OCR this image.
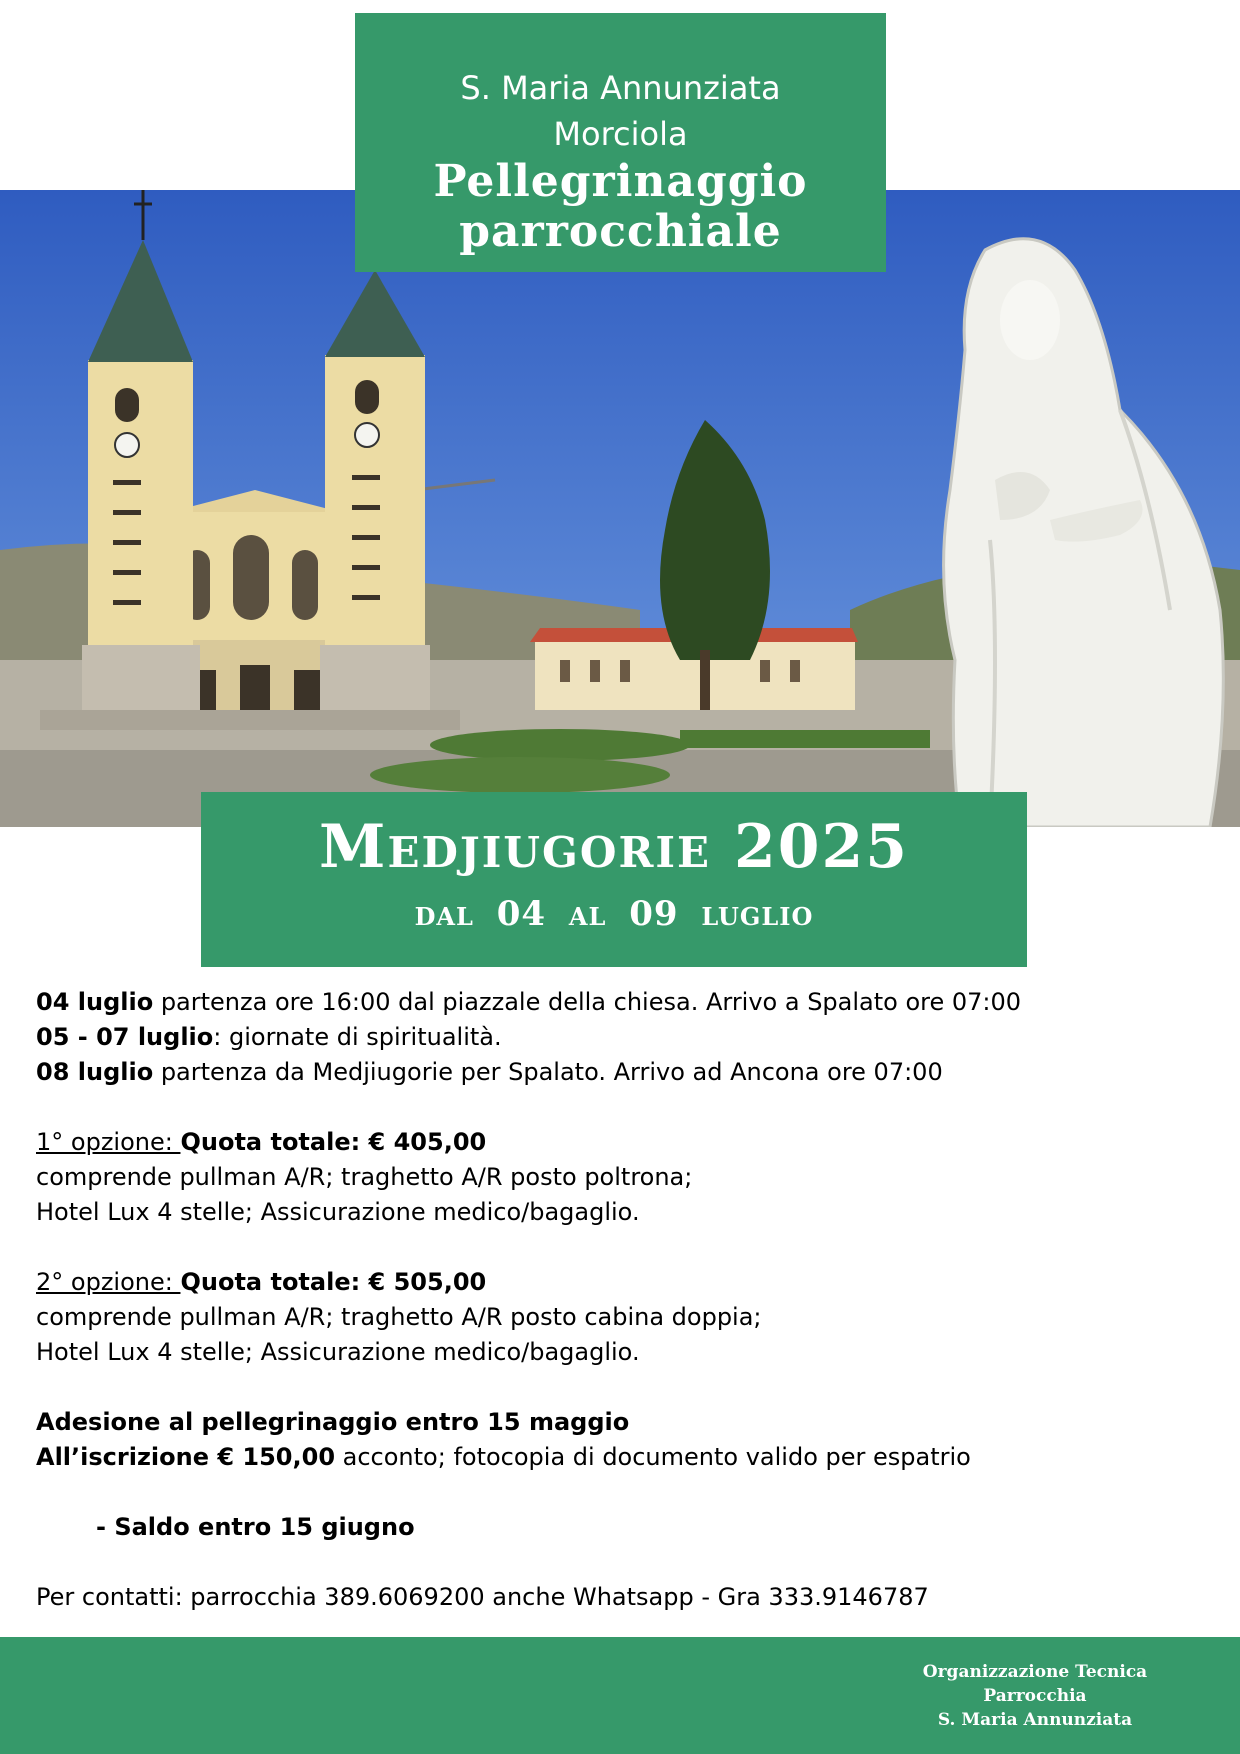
S. Maria Annunziata
Morciola
Pellegrinaggio
parrocchiale
Medjiugorie 2025
dal 04 al 09 luglio

04 luglio partenza ore 16:00 dal piazzale della chiesa. Arrivo a Spalato ore 07:00

05 - 07 luglio: giornate di spiritualità.

08 luglio partenza da Medjiugorie per Spalato. Arrivo ad Ancona ore 07:00

1° opzione: Quota totale: € 405,00

comprende pullman A/R; traghetto A/R posto poltrona;

Hotel Lux 4 stelle; Assicurazione medico/bagaglio.

2° opzione: Quota totale: € 505,00

comprende pullman A/R; traghetto A/R posto cabina doppia;

Hotel Lux 4 stelle; Assicurazione medico/bagaglio.

Adesione al pellegrinaggio entro 15 maggio

All’iscrizione € 150,00 acconto; fotocopia di documento valido per espatrio

- Saldo entro 15 giugno

Per contatti: parrocchia 389.6069200 anche Whatsapp - Gra 333.9146787

Organizzazione Tecnica
Parrocchia
S. Maria Annunziata
